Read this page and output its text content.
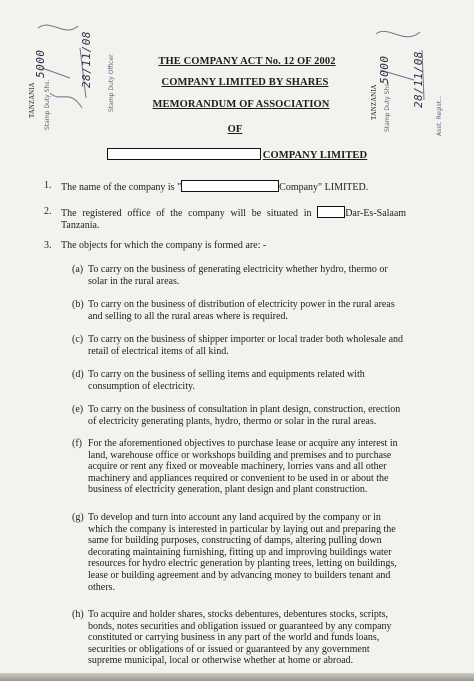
TANZANIA Stamp Duty Shs.	Stamp Duty Officer
5000	28/11/08
TANZANIA Stamp Duty Shs.	Asst. Regist...
5000 28/11/08
THE COMPANY ACT No. 12 OF 2002
COMPANY LIMITED BY SHARES
MEMORANDUM OF ASSOCIATION
OF
COMPANY LIMITED
1. The name of the company is "	Company" LIMITED.
2. The registered office of the company will be situated in	Dar-Es-Salaam
Tanzania.
3. The objects for which the company is formed are: -
(a) To carry on the business of generating electricity whether hydro, thermo or
solar in the rural areas.
(b) To carry on the business of distribution of electricity power in the rural areas
and selling to all the rural areas where is required.
(c) To carry on the business of shipper importer or local trader both wholesale and
retail of electrical items of all kind.
(d) To carry on the business of selling items and equipments related with
consumption of electricity.
(e) To carry on the business of consultation in plant design, construction, erection
of electricity generating plants, hydro, thermo or solar in the rural areas.
(f) For the aforementioned objectives to purchase lease or acquire any interest in
land, warehouse office or workshops building and premises and to purchase
acquire or rent any fixed or moveable machinery, lorries vans and all other
machinery and appliances required or convenient to be used in or about the
business of electricity generation, plant design and plant construction.
(g) To develop and turn into account any land acquired by the company or in
which the company is interested in particular by laying out and preparing the
same for building purposes, constructing of damps, altering pulling down
decorating maintaining furnishing, fitting up and improving buildings water
resources for hydro electric generation by planting trees, letting on buildings,
lease or building agreement and by advancing money to builders tenant and
others.
(h) To acquire and holder shares, stocks debentures, debentures stocks, scripts,
bonds, notes securities and obligation issued or guaranteed by any company
constituted or carrying business in any part of the world and funds loans,
securities or obligations of or issued or guaranteed by any government
supreme municipal, local or otherwise whether at home or abroad.
